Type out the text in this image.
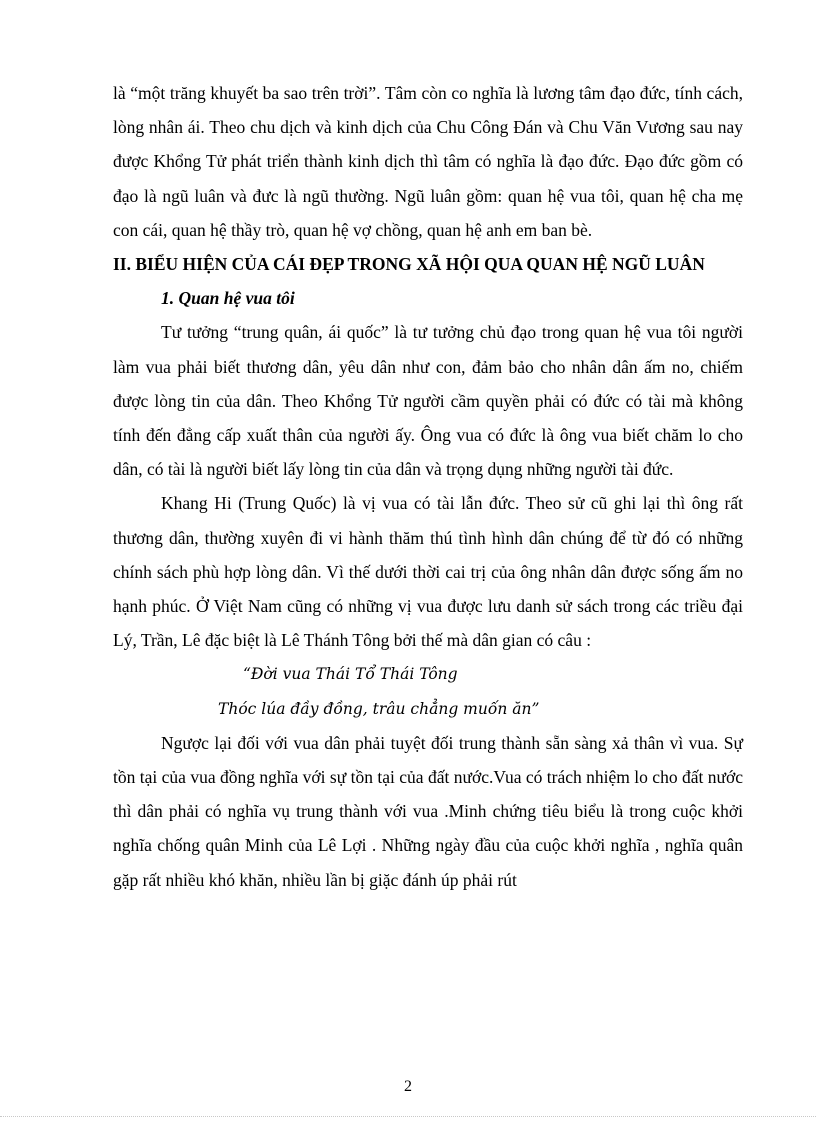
là “một trăng khuyết ba sao trên trời”. Tâm còn co nghĩa là lương tâm đạo đức, tính cách, lòng nhân ái. Theo chu dịch và kinh dịch của Chu Công Đán và Chu Văn Vương sau nay được Khổng Tử phát triển thành kinh dịch thì tâm có nghĩa là đạo đức. Đạo đức gồm có đạo là ngũ luân và đưc là ngũ thường. Ngũ luân gồm: quan hệ vua tôi, quan hệ cha mẹ con cái, quan hệ thầy trò, quan hệ vợ chồng, quan hệ anh em ban bè.

II. BIỂU HIỆN CỦA CÁI ĐẸP TRONG XÃ HỘI QUA QUAN HỆ NGŨ LUÂN

1. Quan hệ vua tôi

Tư tưởng “trung quân, ái quốc” là tư tưởng chủ đạo trong quan hệ vua tôi người làm vua phải biết thương dân, yêu dân như con, đảm bảo cho nhân dân ấm no, chiếm được lòng tin của dân. Theo Khổng Tử người cầm quyền phải có đức có tài mà không tính đến đẳng cấp xuất thân của người ấy. Ông vua có đức là ông vua biết chăm lo cho dân, có tài là người biết lấy lòng tin của dân và trọng dụng những người tài đức.

Khang Hi (Trung Quốc) là vị vua có tài lẫn đức. Theo sử cũ ghi lại thì ông rất thương dân, thường xuyên đi vi hành thăm thú tình hình dân chúng để từ đó có những chính sách phù hợp lòng dân. Vì thế dưới thời cai trị của ông nhân dân được sống ấm no hạnh phúc. Ở Việt Nam cũng có những vị vua được lưu danh sử sách trong các triều đại Lý, Trần, Lê đặc biệt là Lê Thánh Tông bởi thế mà dân gian có câu :

“Đời vua Thái Tổ Thái Tông

Thóc lúa đầy đồng, trâu chẳng muốn ăn”

Ngược lại đối với vua dân phải tuyệt đối trung thành sẵn sàng xả thân vì vua. Sự tồn tại của vua đồng nghĩa với sự tồn tại của đất nước.Vua có trách nhiệm lo cho đất nước thì dân phải có nghĩa vụ trung thành với vua .Minh chứng tiêu biểu là trong cuộc khởi nghĩa chống quân Minh của Lê Lợi . Những ngày đầu của cuộc khởi nghĩa , nghĩa quân gặp rất nhiều khó khăn, nhiều lần bị giặc đánh úp phải rút

2
